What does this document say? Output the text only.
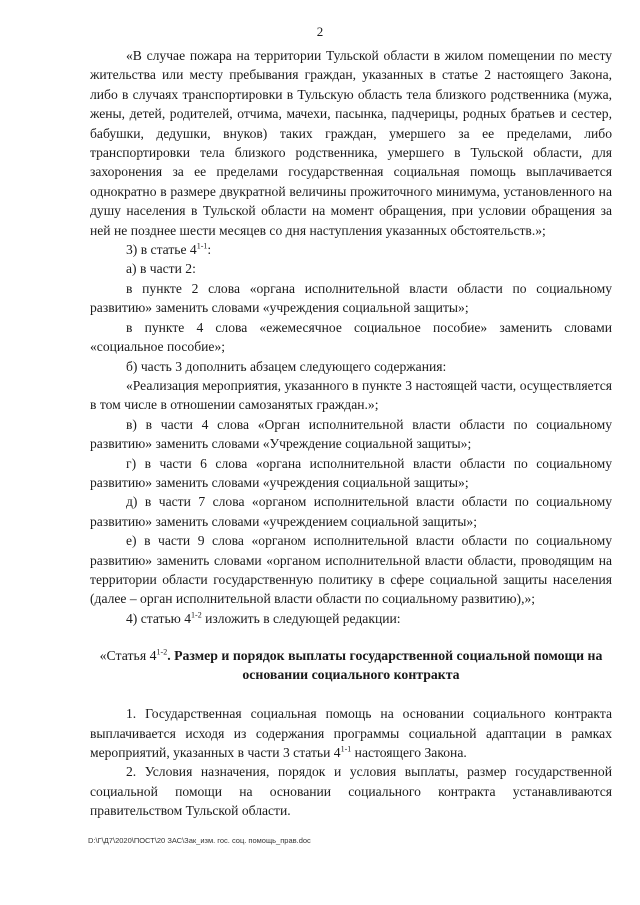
2

«В случае пожара на территории Тульской области в жилом помещении по месту жительства или месту пребывания граждан, указанных в статье 2 настоящего Закона, либо в случаях транспортировки в Тульскую область тела близкого родственника (мужа, жены, детей, родителей, отчима, мачехи, пасынка, падчерицы, родных братьев и сестер, бабушки, дедушки, внуков) таких граждан, умершего за ее пределами, либо транспортировки тела близкого родственника, умершего в Тульской области, для захоронения за ее пределами государственная социальная помощь выплачивается однократно в размере двукратной величины прожиточного минимума, установленного на душу населения в Тульской области на момент обращения, при условии обращения за ней не позднее шести месяцев со дня наступления указанных обстоятельств.»;

3) в статье 4$^{1-1}$:

а) в части 2:

в пункте 2 слова «органа исполнительной власти области по социальному развитию» заменить словами «учреждения социальной защиты»;

в пункте 4 слова «ежемесячное социальное пособие» заменить словами «социальное пособие»;

б) часть 3 дополнить абзацем следующего содержания:

«Реализация мероприятия, указанного в пункте 3 настоящей части, осуществляется в том числе в отношении самозанятых граждан.»;

в) в части 4 слова «Орган исполнительной власти области по социальному развитию» заменить словами «Учреждение социальной защиты»;

г) в части 6 слова «органа исполнительной власти области по социальному развитию» заменить словами «учреждения социальной защиты»;

д) в части 7 слова «органом исполнительной власти области по социальному развитию» заменить словами «учреждением социальной защиты»;

е) в части 9 слова «органом исполнительной власти области по социальному развитию» заменить словами «органом исполнительной власти области, проводящим на территории области государственную политику в сфере социальной защиты населения (далее – орган исполнительной власти области по социальному развитию),»;

4) статью 4$^{1-2}$ изложить в следующей редакции:

«Статья 4$^{1-2}$. Размер и порядок выплаты государственной социальной помощи на основании социального контракта

1. Государственная социальная помощь на основании социального контракта выплачивается исходя из содержания программы социальной адаптации в рамках мероприятий, указанных в части 3 статьи 4$^{1-1}$ настоящего Закона.

2. Условия назначения, порядок и условия выплаты, размер государственной социальной помощи на основании социального контракта устанавливаются правительством Тульской области.

D:\Г\Д7\2020\ПОСТ\20 ЗАС\Зак_изм. гос. соц. помощь_прав.doc
